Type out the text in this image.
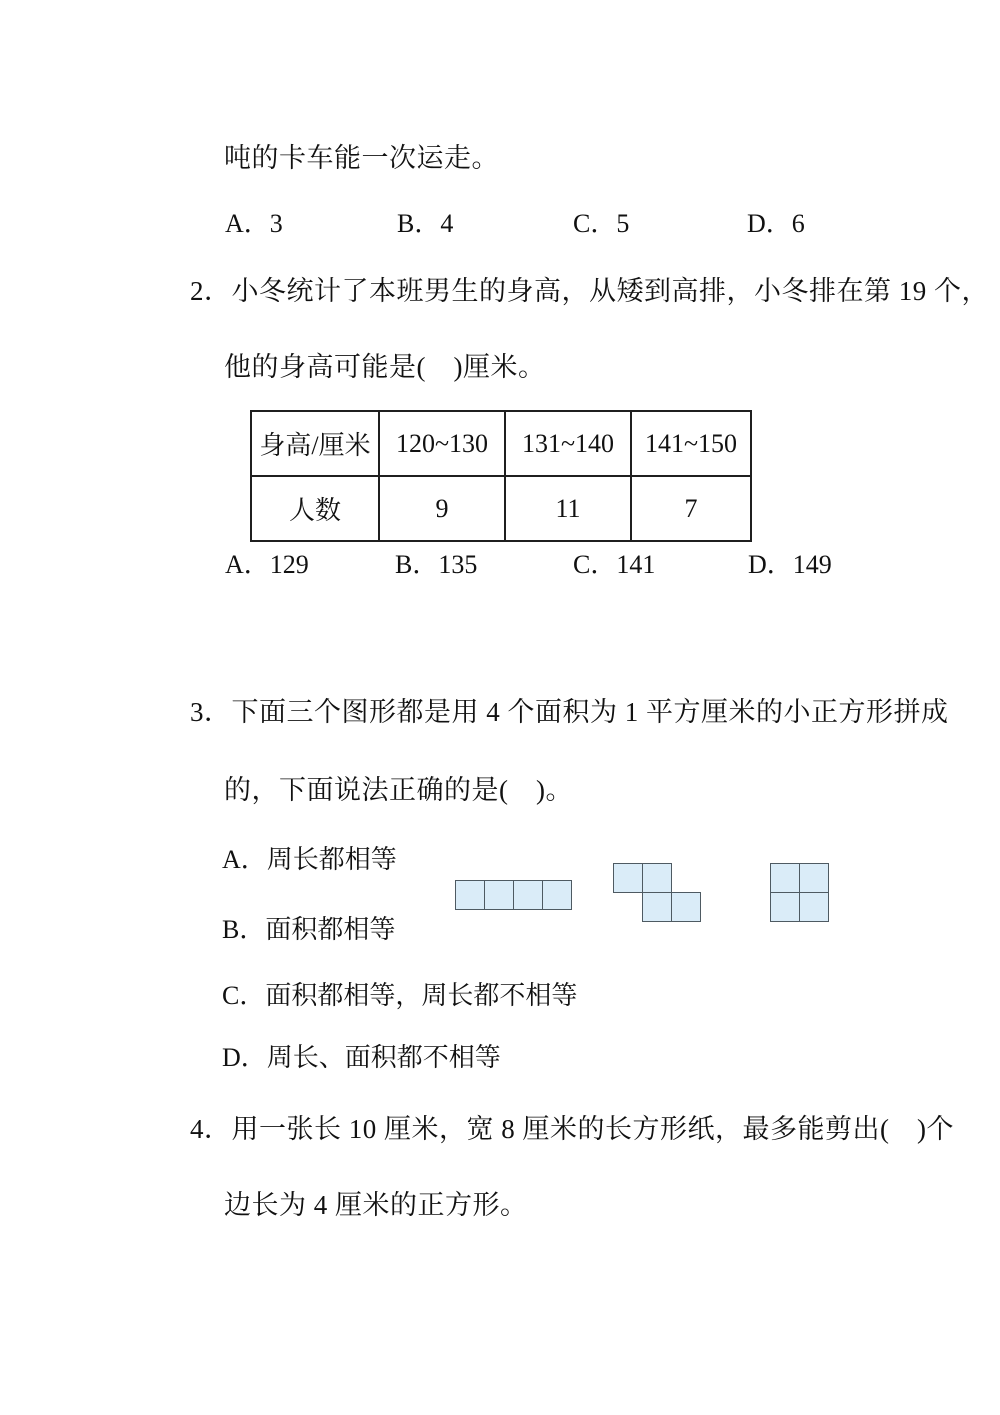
吨的卡车能一次运走。
A．3	B．4	C．5	D．6
2．小冬统计了本班男生的身高，从矮到高排，小冬排在第 19 个，
他的身高可能是(　)厘米。
身高/厘米	120~130	131~140	141~150
人数	9	11	7
A．129	B．135	C．141	D．149
3．下面三个图形都是用 4 个面积为 1 平方厘米的小正方形拼成
的，下面说法正确的是(　)。
A．周长都相等
B．面积都相等
C．面积都相等，周长都不相等
D．周长、面积都不相等
4．用一张长 10 厘米，宽 8 厘米的长方形纸，最多能剪出(　)个
边长为 4 厘米的正方形。
